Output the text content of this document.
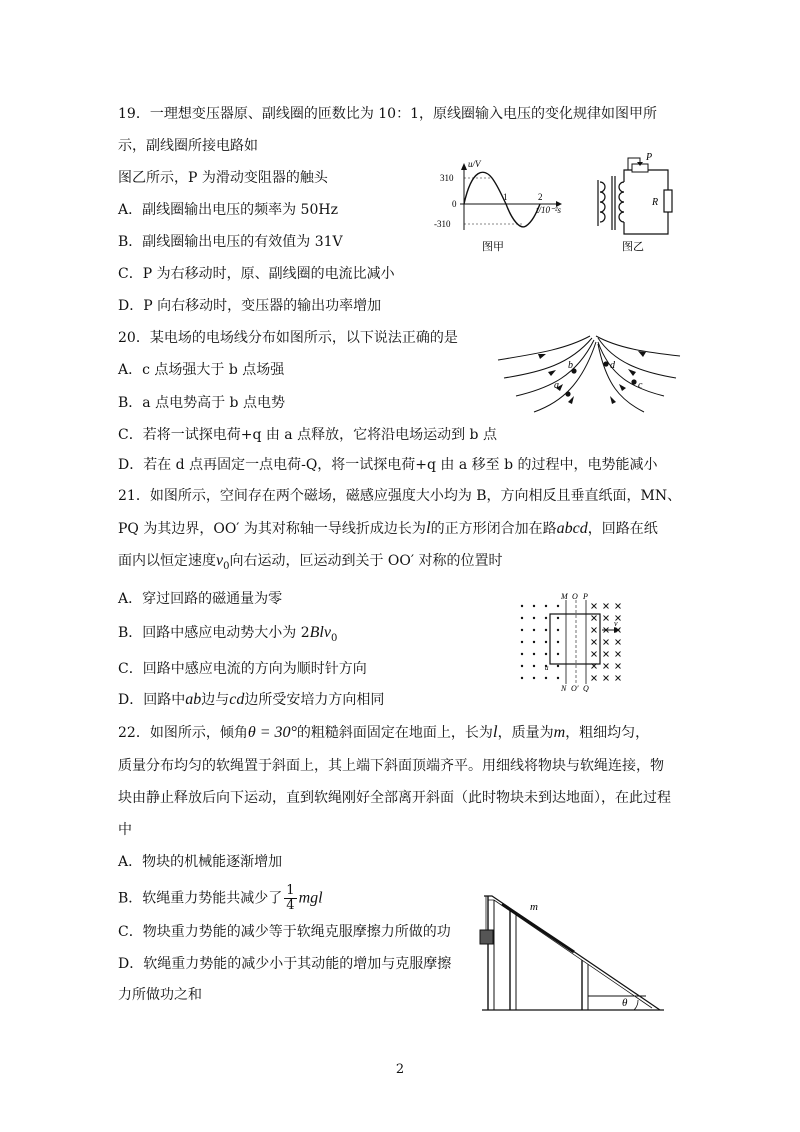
19．一理想变压器原、副线圈的匝数比为 10：1，原线圈输入电压的变化规律如图甲所
示，副线圈所接电路如
图乙所示，P 为滑动变阻器的触头
A．副线圈输出电压的频率为 50Hz
B．副线圈输出电压的有效值为 31V
C．P 为右移动时，原、副线圈的电流比减小
D．P 向右移动时，变压器的输出功率增加
u/V
310
0
-310
1	2
t/10⁻²s
图甲
P
R
图乙
20．某电场的电场线分布如图所示，以下说法正确的是
A．c 点场强大于 b 点场强
B．a 点电势高于 b 点电势
C．若将一试探电荷+q 由 a 点释放，它将沿电场运动到 b 点
D．若在 d 点再固定一点电荷-Q，将一试探电荷+q 由 a 移至 b 的过程中，电势能减小
a
b	d
c
21．如图所示，空间存在两个磁场，磁感应强度大小均为 B，方向相反且垂直纸面，MN、
PQ 为其边界，OO′ 为其对称轴一导线折成边长为l的正方形闭合加在路abcd，回路在纸
面内以恒定速度$v_0$向右运动，叵运动到关于 OO′ 对称的位置时
A．穿过回路的磁通量为零
B．回路中感应电动势大小为 2Blv$_0$
C．回路中感应电流的方向为顺时针方向
D．回路中ab边与cd边所受安培力方向相同
M O P
N O′ Q
v
a
22．如图所示，倾角θ = 30°的粗糙斜面固定在地面上，长为l，质量为m，粗细均匀，
质量分布均匀的软绳置于斜面上，其上端下斜面顶端齐平。用细线将物块与软绳连接，物
块由静止释放后向下运动，直到软绳刚好全部离开斜面（此时物块未到达地面），在此过程
中
A．物块的机械能逐渐增加
B．软绳重力势能共减少了 $\frac{1}{4}$ mgl
C．物块重力势能的减少等于软绳克服摩擦力所做的功
D．软绳重力势能的减少小于其动能的增加与克服摩擦
力所做功之和
m
θ
2
